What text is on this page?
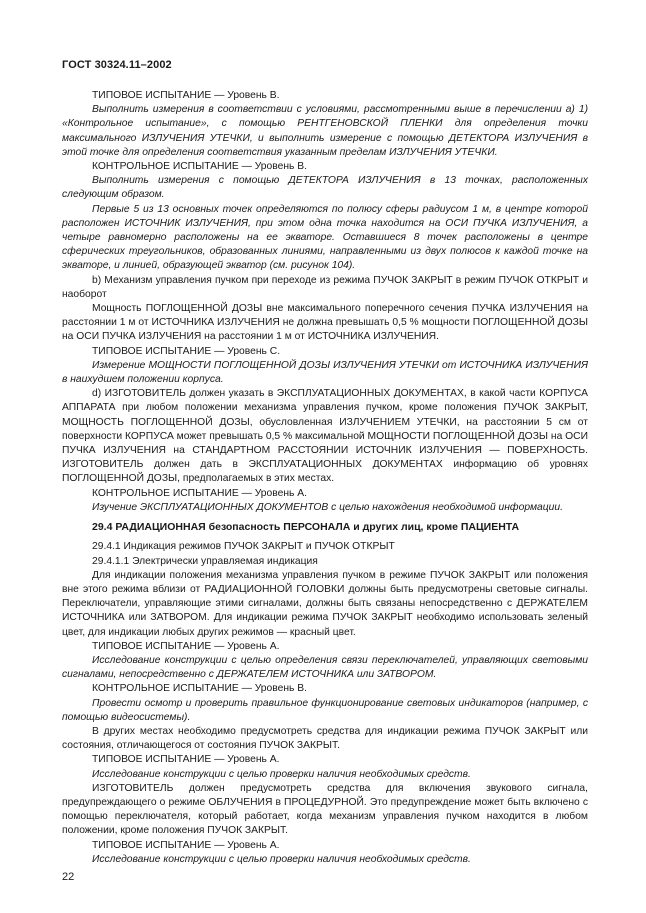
ГОСТ 30324.11–2002

ТИПОВОЕ ИСПЫТАНИЕ — Уровень В.

Выполнить измерения в соответствии с условиями, рассмотренными выше в перечислении а) 1) «Контрольное испытание», с помощью РЕНТГЕНОВСКОЙ ПЛЕНКИ для определения точки максимального ИЗЛУЧЕНИЯ УТЕЧКИ, и выполнить измерение с помощью ДЕТЕКТОРА ИЗЛУЧЕНИЯ в этой точке для определения соответствия указанным пределам ИЗЛУЧЕНИЯ УТЕЧКИ.

КОНТРОЛЬНОЕ ИСПЫТАНИЕ — Уровень В.

Выполнить измерения с помощью ДЕТЕКТОРА ИЗЛУЧЕНИЯ в 13 точках, расположенных следующим образом.

Первые 5 из 13 основных точек определяются по полюсу сферы радиусом 1 м, в центре которой расположен ИСТОЧНИК ИЗЛУЧЕНИЯ, при этом одна точка находится на ОСИ ПУЧКА ИЗЛУЧЕНИЯ, а четыре равномерно расположены на ее экваторе. Оставшиеся 8 точек расположены в центре сферических треугольников, образованных линиями, направленными из двух полюсов к каждой точке на экваторе, и линией, образующей экватор (см. рисунок 104).

b) Механизм управления пучком при переходе из режима ПУЧОК ЗАКРЫТ в режим ПУЧОК ОТКРЫТ и наоборот

Мощность ПОГЛОЩЕННОЙ ДОЗЫ вне максимального поперечного сечения ПУЧКА ИЗЛУЧЕНИЯ на расстоянии 1 м от ИСТОЧНИКА ИЗЛУЧЕНИЯ не должна превышать 0,5 % мощности ПОГЛОЩЕННОЙ ДОЗЫ на ОСИ ПУЧКА ИЗЛУЧЕНИЯ на расстоянии 1 м от ИСТОЧНИКА ИЗЛУЧЕНИЯ.

ТИПОВОЕ ИСПЫТАНИЕ — Уровень С.

Измерение МОЩНОСТИ ПОГЛОЩЕННОЙ ДОЗЫ ИЗЛУЧЕНИЯ УТЕЧКИ от ИСТОЧНИКА ИЗЛУЧЕНИЯ в наихудшем положении корпуса.

d) ИЗГОТОВИТЕЛЬ должен указать в ЭКСПЛУАТАЦИОННЫХ ДОКУМЕНТАХ, в какой части КОРПУСА АППАРАТА при любом положении механизма управления пучком, кроме положения ПУЧОК ЗАКРЫТ, МОЩНОСТЬ ПОГЛОЩЕННОЙ ДОЗЫ, обусловленная ИЗЛУЧЕНИЕМ УТЕЧКИ, на расстоянии 5 см от поверхности КОРПУСА может превышать 0,5 % максимальной МОЩНОСТИ ПОГЛОЩЕННОЙ ДОЗЫ на ОСИ ПУЧКА ИЗЛУЧЕНИЯ на СТАНДАРТНОМ РАССТОЯНИИ ИСТОЧНИК ИЗЛУЧЕНИЯ — ПОВЕРХНОСТЬ. ИЗГОТОВИТЕЛЬ должен дать в ЭКСПЛУАТАЦИОННЫХ ДОКУМЕНТАХ информацию об уровнях ПОГЛОЩЕННОЙ ДОЗЫ, предполагаемых в этих местах.

КОНТРОЛЬНОЕ ИСПЫТАНИЕ — Уровень А.

Изучение ЭКСПЛУАТАЦИОННЫХ ДОКУМЕНТОВ с целью нахождения необходимой информации.

29.4 РАДИАЦИОННАЯ безопасность ПЕРСОНАЛА и других лиц, кроме ПАЦИЕНТА

29.4.1 Индикация режимов ПУЧОК ЗАКРЫТ и ПУЧОК ОТКРЫТ

29.4.1.1 Электрически управляемая индикация

Для индикации положения механизма управления пучком в режиме ПУЧОК ЗАКРЫТ или положения вне этого режима вблизи от РАДИАЦИОННОЙ ГОЛОВКИ должны быть предусмотрены световые сигналы. Переключатели, управляющие этими сигналами, должны быть связаны непосредственно с ДЕРЖАТЕЛЕМ ИСТОЧНИКА или ЗАТВОРОМ. Для индикации режима ПУЧОК ЗАКРЫТ необходимо использовать зеленый цвет, для индикации любых других режимов — красный цвет.

ТИПОВОЕ ИСПЫТАНИЕ — Уровень А.

Исследование конструкции с целью определения связи переключателей, управляющих световыми сигналами, непосредственно с ДЕРЖАТЕЛЕМ ИСТОЧНИКА или ЗАТВОРОМ.

КОНТРОЛЬНОЕ ИСПЫТАНИЕ — Уровень В.

Провести осмотр и проверить правильное функционирование световых индикаторов (например, с помощью видеосистемы).

В других местах необходимо предусмотреть средства для индикации режима ПУЧОК ЗАКРЫТ или состояния, отличающегося от состояния ПУЧОК ЗАКРЫТ.

ТИПОВОЕ ИСПЫТАНИЕ — Уровень А.

Исследование конструкции с целью проверки наличия необходимых средств.

ИЗГОТОВИТЕЛЬ должен предусмотреть средства для включения звукового сигнала, предупреждающего о режиме ОБЛУЧЕНИЯ в ПРОЦЕДУРНОЙ. Это предупреждение может быть включено с помощью переключателя, который работает, когда механизм управления пучком находится в любом положении, кроме положения ПУЧОК ЗАКРЫТ.

ТИПОВОЕ ИСПЫТАНИЕ — Уровень А.

Исследование конструкции с целью проверки наличия необходимых средств.

22
